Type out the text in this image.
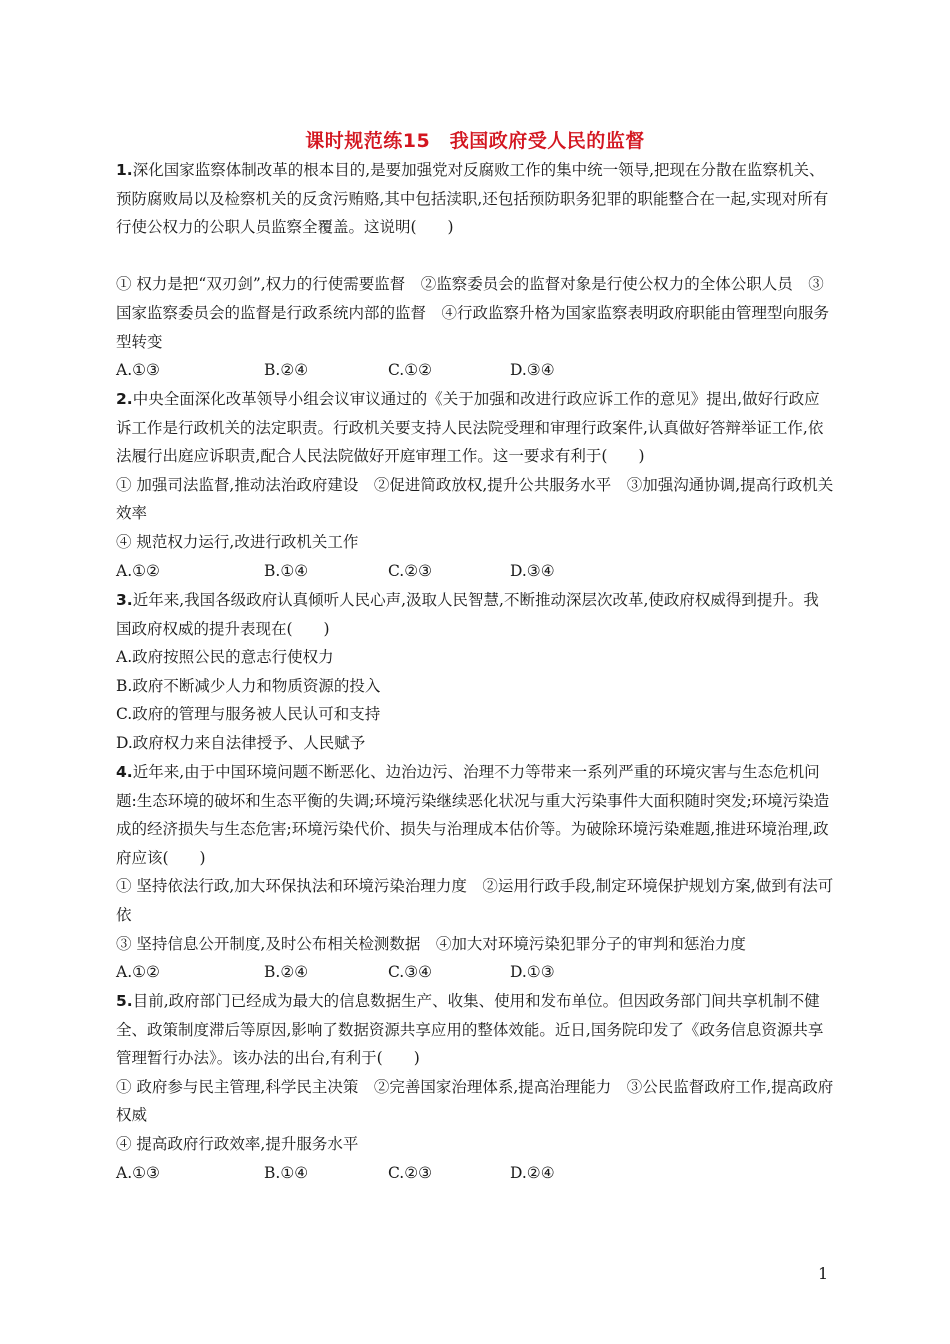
课时规范练15　我国政府受人民的监督

1.深化国家监察体制改革的根本目的,是要加强党对反腐败工作的集中统一领导,把现在分散在监察机关、预防腐败局以及检察机关的反贪污贿赂,其中包括渎职,还包括预防职务犯罪的职能整合在一起,实现对所有行使公权力的公职人员监察全覆盖。这说明(　　)

① 权力是把“双刃剑”,权力的行使需要监督　②监察委员会的监督对象是行使公权力的全体公职人员　③国家监察委员会的监督是行政系统内部的监督　④行政监察升格为国家监察表明政府职能由管理型向服务型转变

A.①③	B.②④	C.①②	D.③④

2.中央全面深化改革领导小组会议审议通过的《关于加强和改进行政应诉工作的意见》提出,做好行政应诉工作是行政机关的法定职责。行政机关要支持人民法院受理和审理行政案件,认真做好答辩举证工作,依法履行出庭应诉职责,配合人民法院做好开庭审理工作。这一要求有利于(　　)

① 加强司法监督,推动法治政府建设　②促进简政放权,提升公共服务水平　③加强沟通协调,提高行政机关效率

④ 规范权力运行,改进行政机关工作

A.①②	B.①④	C.②③	D.③④

3.近年来,我国各级政府认真倾听人民心声,汲取人民智慧,不断推动深层次改革,使政府权威得到提升。我国政府权威的提升表现在(　　)

A.政府按照公民的意志行使权力

B.政府不断减少人力和物质资源的投入

C.政府的管理与服务被人民认可和支持

D.政府权力来自法律授予、人民赋予

4.近年来,由于中国环境问题不断恶化、边治边污、治理不力等带来一系列严重的环境灾害与生态危机问题:生态环境的破坏和生态平衡的失调;环境污染继续恶化状况与重大污染事件大面积随时突发;环境污染造成的经济损失与生态危害;环境污染代价、损失与治理成本估价等。为破除环境污染难题,推进环境治理,政府应该(　　)

① 坚持依法行政,加大环保执法和环境污染治理力度　②运用行政手段,制定环境保护规划方案,做到有法可依

③ 坚持信息公开制度,及时公布相关检测数据　④加大对环境污染犯罪分子的审判和惩治力度

A.①②	B.②④	C.③④	D.①③

5.目前,政府部门已经成为最大的信息数据生产、收集、使用和发布单位。但因政务部门间共享机制不健全、政策制度滞后等原因,影响了数据资源共享应用的整体效能。近日,国务院印发了《政务信息资源共享管理暂行办法》。该办法的出台,有利于(　　)

① 政府参与民主管理,科学民主决策　②完善国家治理体系,提高治理能力　③公民监督政府工作,提高政府权威

④ 提高政府行政效率,提升服务水平

A.①③	B.①④	C.②③	D.②④
1
